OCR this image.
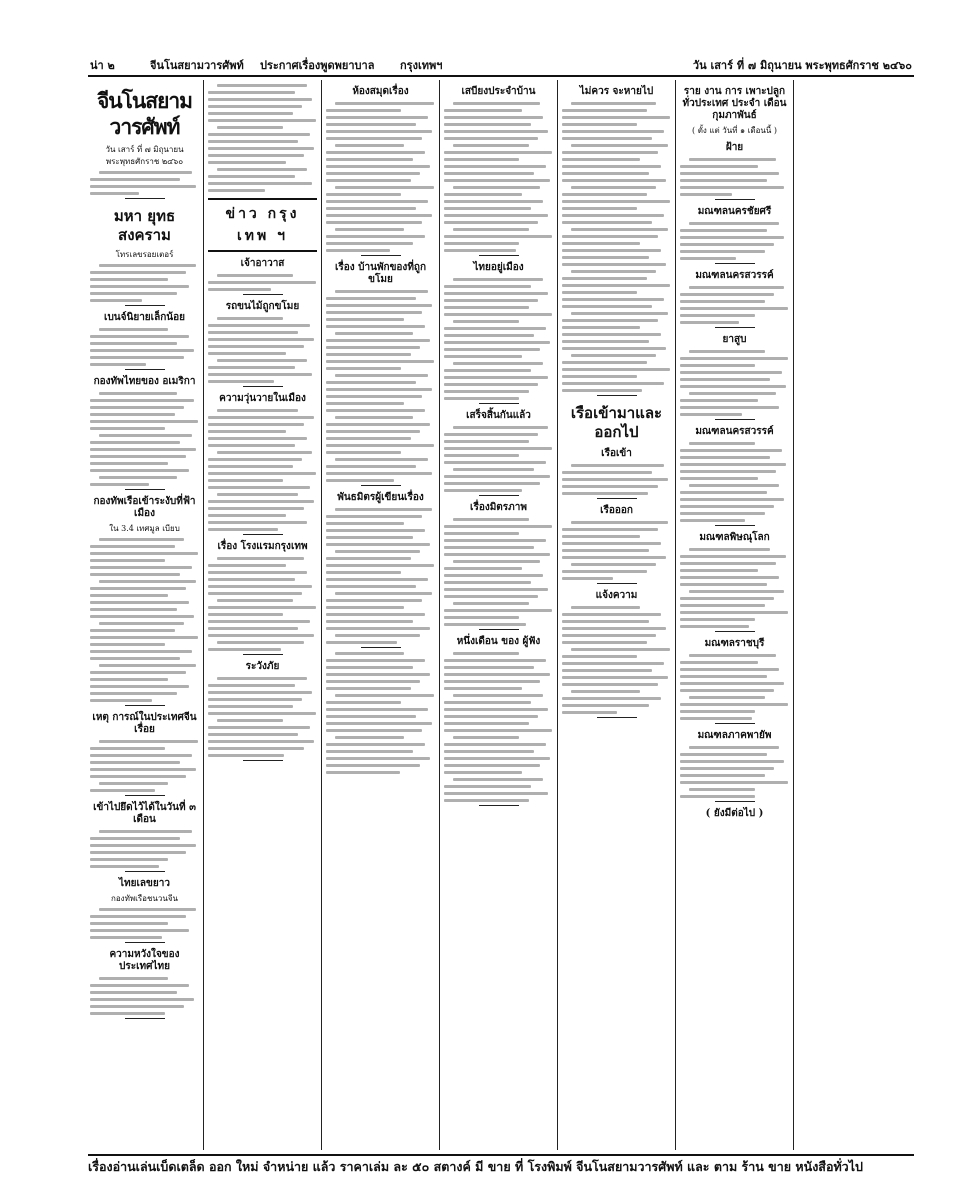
น่า ๒	จีนโนสยามวารศัพท์	ประกาศเรื่องพูดพยาบาล	กรุงเทพฯ	วัน เสาร์ ที่ ๗ มิถุนายน พระพุทธศักราช ๒๔๖๐
จีนโนสยามวารศัพท์
วัน เสาร์ ที่ ๗ มิถุนายน
พระพุทธศักราช ๒๔๖๐
มหา ยุทธสงคราม
โทรเลขรอยเตอร์
เบนจ์นิยายเล็กน้อย
กองทัพไทยของ อเมริกา
กองทัพเรือเข้าระงับที่ฟ้า เมือง
ใน 3.4 เทศมูล เบียบ
เหตุ การณ์ในประเทศจีน เรื่อย
เข้าไปยึดไว้ได้ในวันที่ ๓ เดือน
ไทยเลขยาว
กองทัพเรือชนวนจีน
ความหวังใจของประเทศไทย
ข่าว กรุง เทพ ฯ
เจ้าอาวาส
รถขนไม้ถูกขโมย
ความวุ่นวายในเมือง
เรื่อง โรงแรมกรุงเทพ
ระวังภัย
ห้องสมุดเรื่อง
เรื่อง บ้านพักของที่ถูกขโมย
พันธมิตรผู้เขียนเรื่อง
เสบียงประจำบ้าน
ไทยอยู่เมือง
เสร็จสิ้นกันแล้ว
เรื่องมิตรภาพ
หนึ่งเดือน ของ ผู้ฟัง
ไม่ควร จะหายไป
เรือเข้ามาและออกไป
เรือเข้า
เรือออก
แจ้งความ
ราย งาน การ เพาะปลูก ทั่วประเทศ ประจำ เดือน กุมภาพันธ์
( ตั้ง แต่ วันที่ ๑ เดือนนี้ )
ฝ้าย
มณฑลนครชัยศรี
มณฑลนครสวรรค์
ยาสูบ
มณฑลนครสวรรค์
มณฑลพิษณุโลก
มณฑลราชบุรี
มณฑลภาคพายัพ
( ยังมีต่อไป )
เรื่องอ่านเล่นเบ็ดเตล็ด ออก ใหม่ จำหน่าย แล้ว ราคาเล่ม ละ ๕๐ สตางค์ มี ขาย ที่ โรงพิมพ์ จีนโนสยามวารศัพท์ และ ตาม ร้าน ขาย หนังสือทั่วไป
